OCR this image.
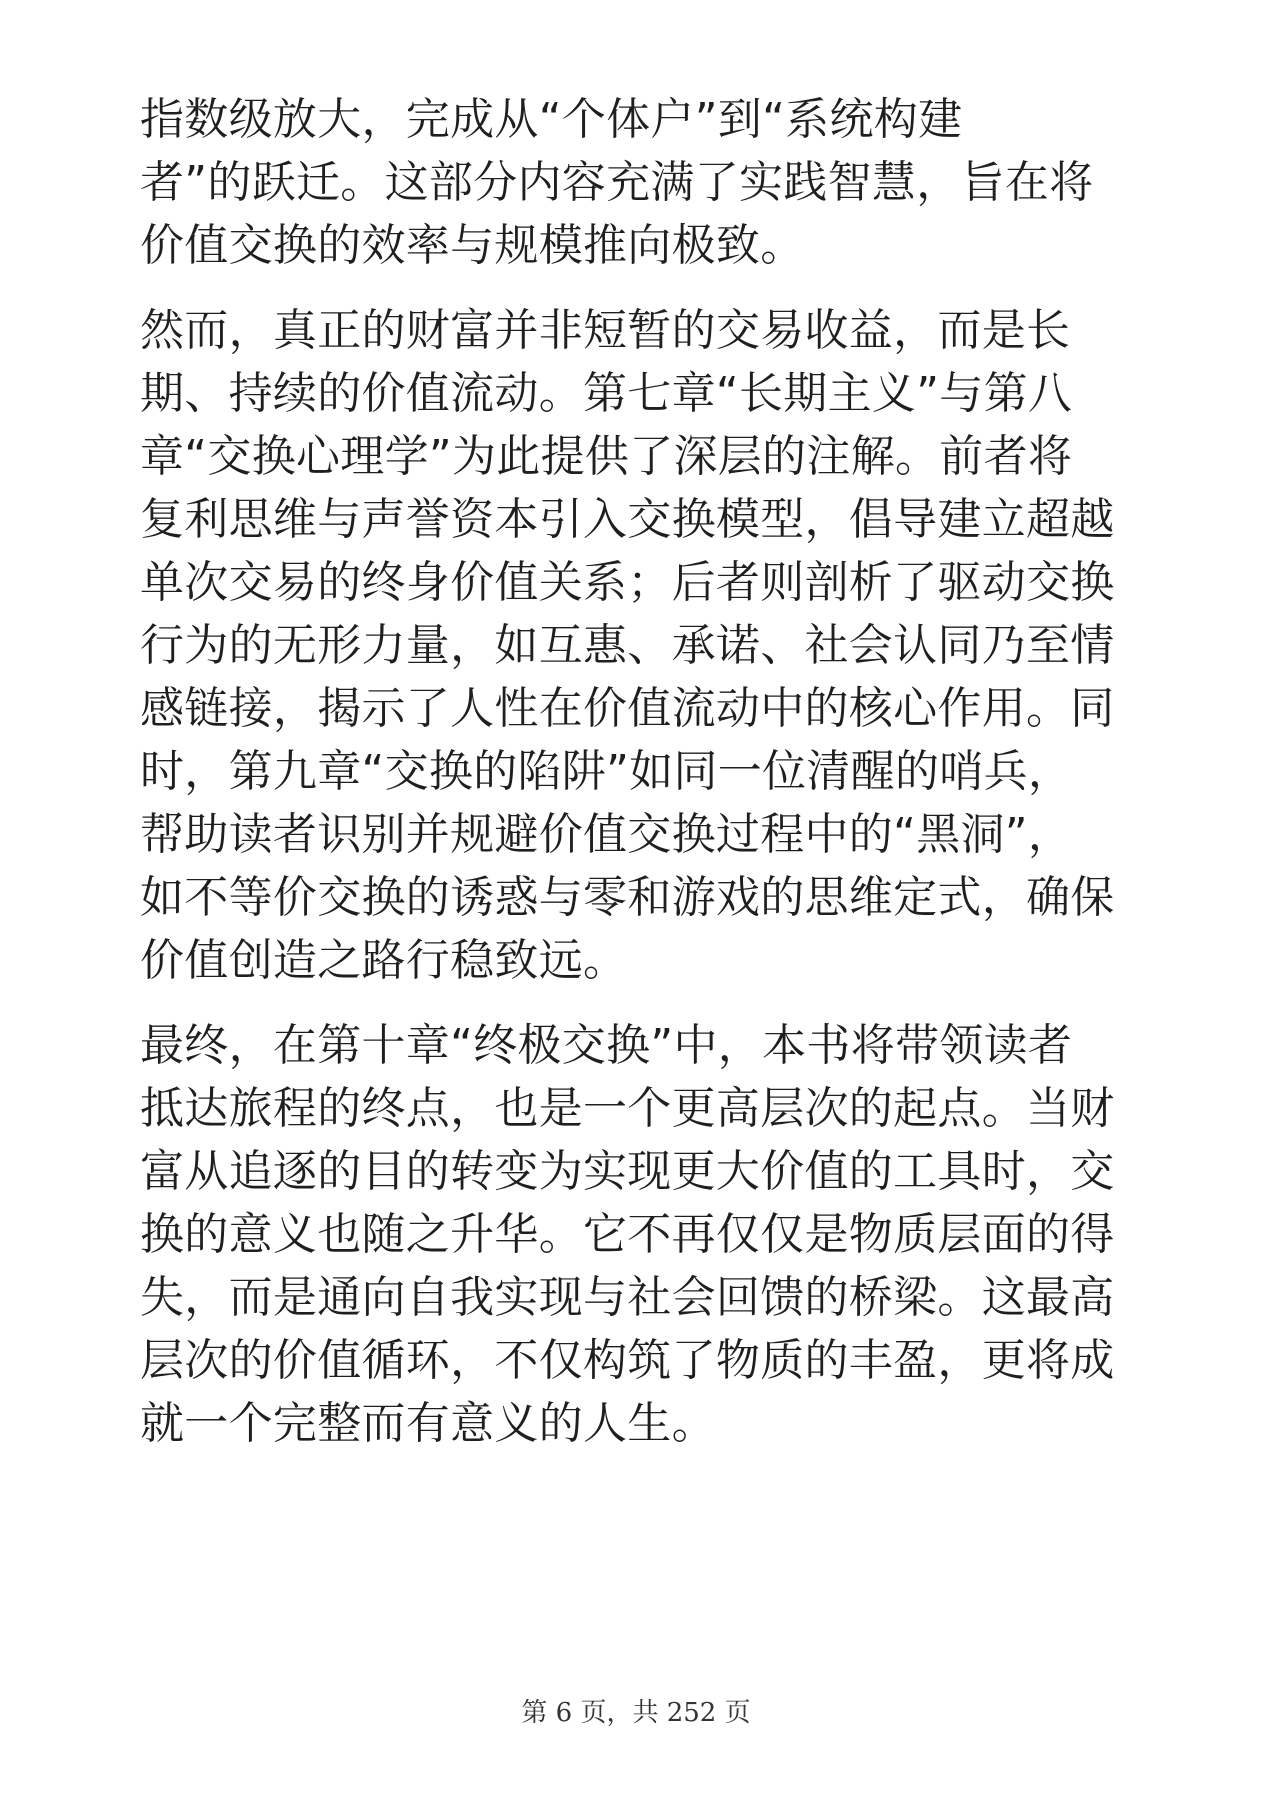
指数级放大，完成从“个体户”到“系统构建
者”的跃迁。这部分内容充满了实践智慧，旨在将
价值交换的效率与规模推向极致。
然而，真正的财富并非短暂的交易收益，而是长
期、持续的价值流动。第七章“长期主义”与第八
章“交换心理学”为此提供了深层的注解。前者将
复利思维与声誉资本引入交换模型，倡导建立超越
单次交易的终身价值关系；后者则剖析了驱动交换
行为的无形力量，如互惠、承诺、社会认同乃至情
感链接，揭示了人性在价值流动中的核心作用。同
时，第九章“交换的陷阱”如同一位清醒的哨兵，
帮助读者识别并规避价值交换过程中的“黑洞”，
如不等价交换的诱惑与零和游戏的思维定式，确保
价值创造之路行稳致远。
最终，在第十章“终极交换”中，本书将带领读者
抵达旅程的终点，也是一个更高层次的起点。当财
富从追逐的目的转变为实现更大价值的工具时，交
换的意义也随之升华。它不再仅仅是物质层面的得
失，而是通向自我实现与社会回馈的桥梁。这最高
层次的价值循环，不仅构筑了物质的丰盈，更将成
就一个完整而有意义的人生。
第 6 页，共 252 页
